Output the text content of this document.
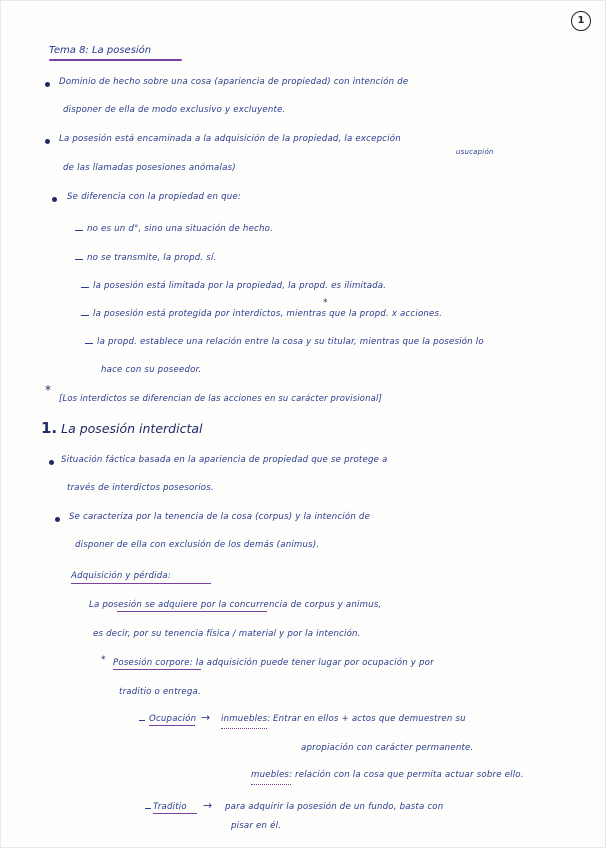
1
Tema 8: La posesión
Dominio de hecho sobre una cosa (apariencia de propiedad) con intención de
disponer de ella de modo exclusivo y excluyente.
La posesión está encaminada a la adquisición de la propiedad, la excepción
usucapión
de las llamadas posesiones anómalas)
Se diferencia con la propiedad en que:
no es un d°, sino una situación de hecho.
no se transmite, la propd. sí.
la posesión está limitada por la propiedad, la propd. es ilimitada.
*
la posesión está protegida por interdictos, mientras que la propd. x acciones.
la propd. establece una relación entre la cosa y su titular, mientras que la posesión lo
hace con su poseedor.
*
[Los interdictos se diferencian de las acciones en su carácter provisional]
1. La posesión interdictal
Situación fáctica basada en la apariencia de propiedad que se protege a
través de interdictos posesorios.
Se caracteriza por la tenencia de la cosa (corpus) y la intención de
disponer de ella con exclusión de los demás (animus).
Adquisición y pérdida:
La posesión se adquiere por la concurrencia de corpus y animus,
es decir, por su tenencia física / material y por la intención.
* Posesión corpore: la adquisición puede tener lugar por ocupación y por
traditio o entrega.
Ocupación → inmuebles: Entrar en ellos + actos que demuestren su
apropiación con carácter permanente.
muebles: relación con la cosa que permita actuar sobre ello.
Traditio → para adquirir la posesión de un fundo, basta con
pisar en él.
